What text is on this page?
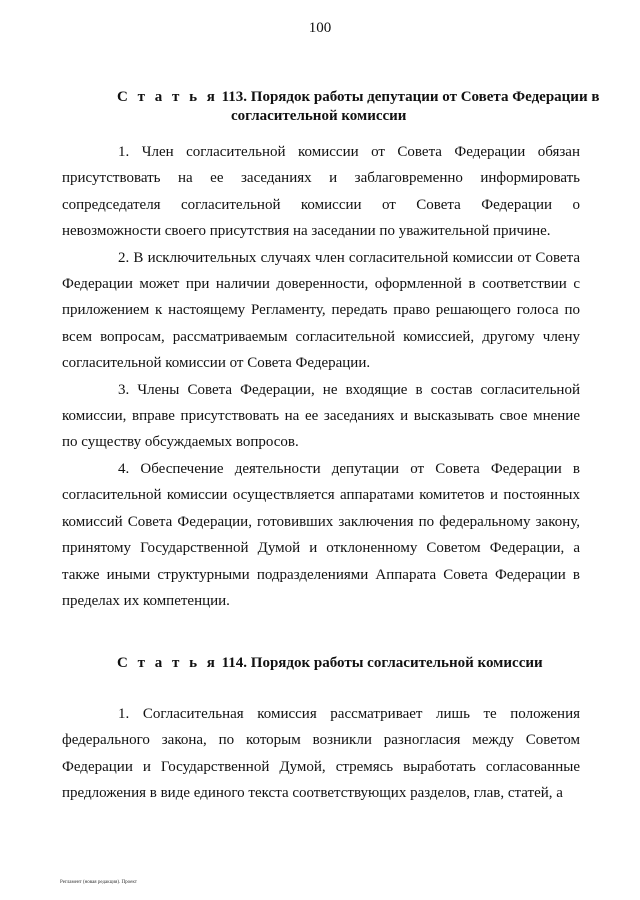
100
С т а т ь я 113. Порядок работы депутации от Совета Федерации в
согласительной комиссии

1. Член согласительной комиссии от Совета Федерации обязан присутствовать на ее заседаниях и заблаговременно информировать сопредседателя согласительной комиссии от Совета Федерации о невозможности своего присутствия на заседании по уважительной причине.

2. В исключительных случаях член согласительной комиссии от Совета Федерации может при наличии доверенности, оформленной в соответствии с приложением к настоящему Регламенту, передать право решающего голоса по всем вопросам, рассматриваемым согласительной комиссией, другому члену согласительной комиссии от Совета Федерации.

3. Члены Совета Федерации, не входящие в состав согласительной комиссии, вправе присутствовать на ее заседаниях и высказывать свое мнение по существу обсуждаемых вопросов.

4. Обеспечение деятельности депутации от Совета Федерации в согласительной комиссии осуществляется аппаратами комитетов и постоянных комиссий Совета Федерации, готовивших заключения по федеральному закону, принятому Государственной Думой и отклоненному Советом Федерации, а также иными структурными подразделениями Аппарата Совета Федерации в пределах их компетенции.

С т а т ь я 114. Порядок работы согласительной комиссии

1. Согласительная комиссия рассматривает лишь те положения федерального закона, по которым возникли разногласия между Советом Федерации и Государственной Думой, стремясь выработать согласованные предложения в виде единого текста соответствующих разделов, глав, статей, а

Регламент (новая редакция). Проект
